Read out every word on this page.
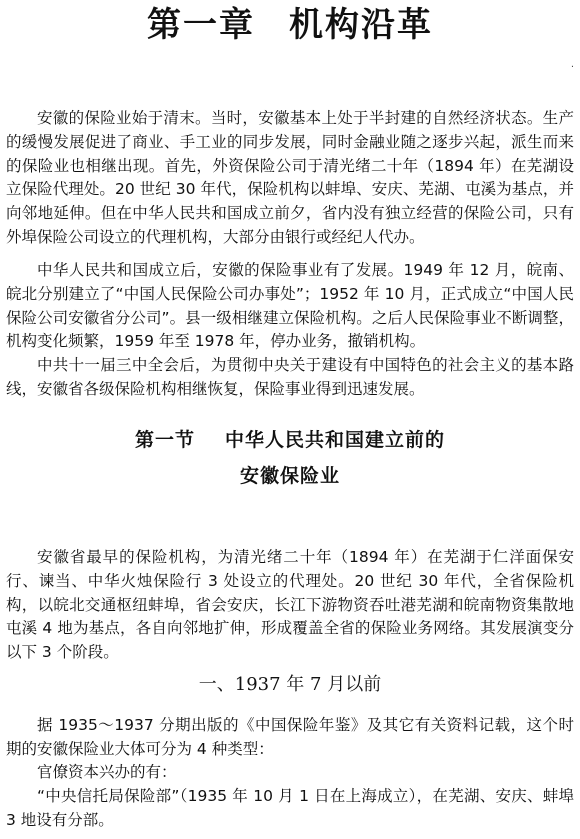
第一章 机构沿革
·

安徽的保险业始于清末。当时，安徽基本上处于半封建的自然经济状态。生产的缓慢发展促进了商业、手工业的同步发展，同时金融业随之逐步兴起，派生而来的保险业也相继出现。首先，外资保险公司于清光绪二十年（1894 年）在芜湖设立保险代理处。20 世纪 30 年代，保险机构以蚌埠、安庆、芜湖、屯溪为基点，并向邻地延伸。但在中华人民共和国成立前夕，省内没有独立经营的保险公司，只有外埠保险公司设立的代理机构，大部分由银行或经纪人代办。

中华人民共和国成立后，安徽的保险事业有了发展。1949 年 12 月，皖南、皖北分别建立了“中国人民保险公司办事处”；1952 年 10 月，正式成立“中国人民保险公司安徽省分公司”。县一级相继建立保险机构。之后人民保险事业不断调整，机构变化频繁，1959 年至 1978 年，停办业务，撤销机构。

中共十一届三中全会后，为贯彻中央关于建设有中国特色的社会主义的基本路线，安徽省各级保险机构相继恢复，保险事业得到迅速发展。

第一节 中华人民共和国建立前的
安徽保险业

安徽省最早的保险机构，为清光绪二十年（1894 年）在芜湖于仁洋面保安行、谏当、中华火烛保险行 3 处设立的代理处。20 世纪 30 年代，全省保险机构，以皖北交通枢纽蚌埠，省会安庆，长江下游物资吞吐港芜湖和皖南物资集散地屯溪 4 地为基点，各自向邻地扩伸，形成覆盖全省的保险业务网络。其发展演变分以下 3 个阶段。

一、1937 年 7 月以前

据 1935～1937 分期出版的《中国保险年鉴》及其它有关资料记载，这个时期的安徽保险业大体可分为 4 种类型：

官僚资本兴办的有：

“中央信托局保险部”（1935 年 10 月 1 日在上海成立），在芜湖、安庆、蚌埠 3 地设有分部。
